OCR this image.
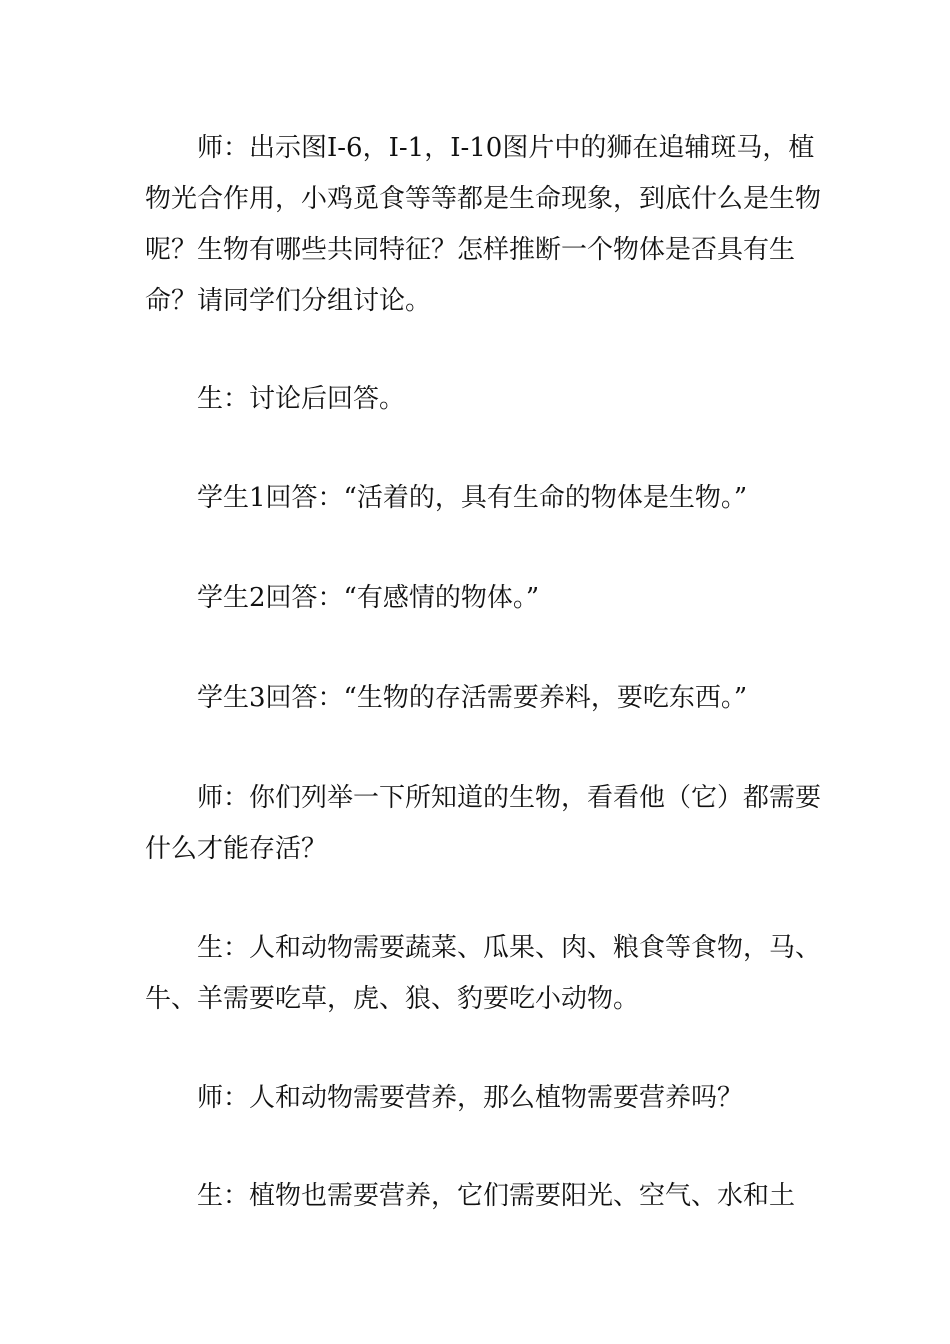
师：出示图I-6，I-1，I-10图片中的狮在追辅斑马，植物光合作用，小鸡觅食等等都是生命现象，到底什么是生物呢？生物有哪些共同特征？怎样推断一个物体是否具有生命？请同学们分组讨论。

生：讨论后回答。

学生1回答：“活着的，具有生命的物体是生物。”

学生2回答：“有感情的物体。”

学生3回答：“生物的存活需要养料，要吃东西。”

师：你们列举一下所知道的生物，看看他（它）都需要什么才能存活？

生：人和动物需要蔬菜、瓜果、肉、粮食等食物，马、牛、羊需要吃草，虎、狼、豹要吃小动物。

师：人和动物需要营养，那么植物需要营养吗？

生：植物也需要营养，它们需要阳光、空气、水和土
